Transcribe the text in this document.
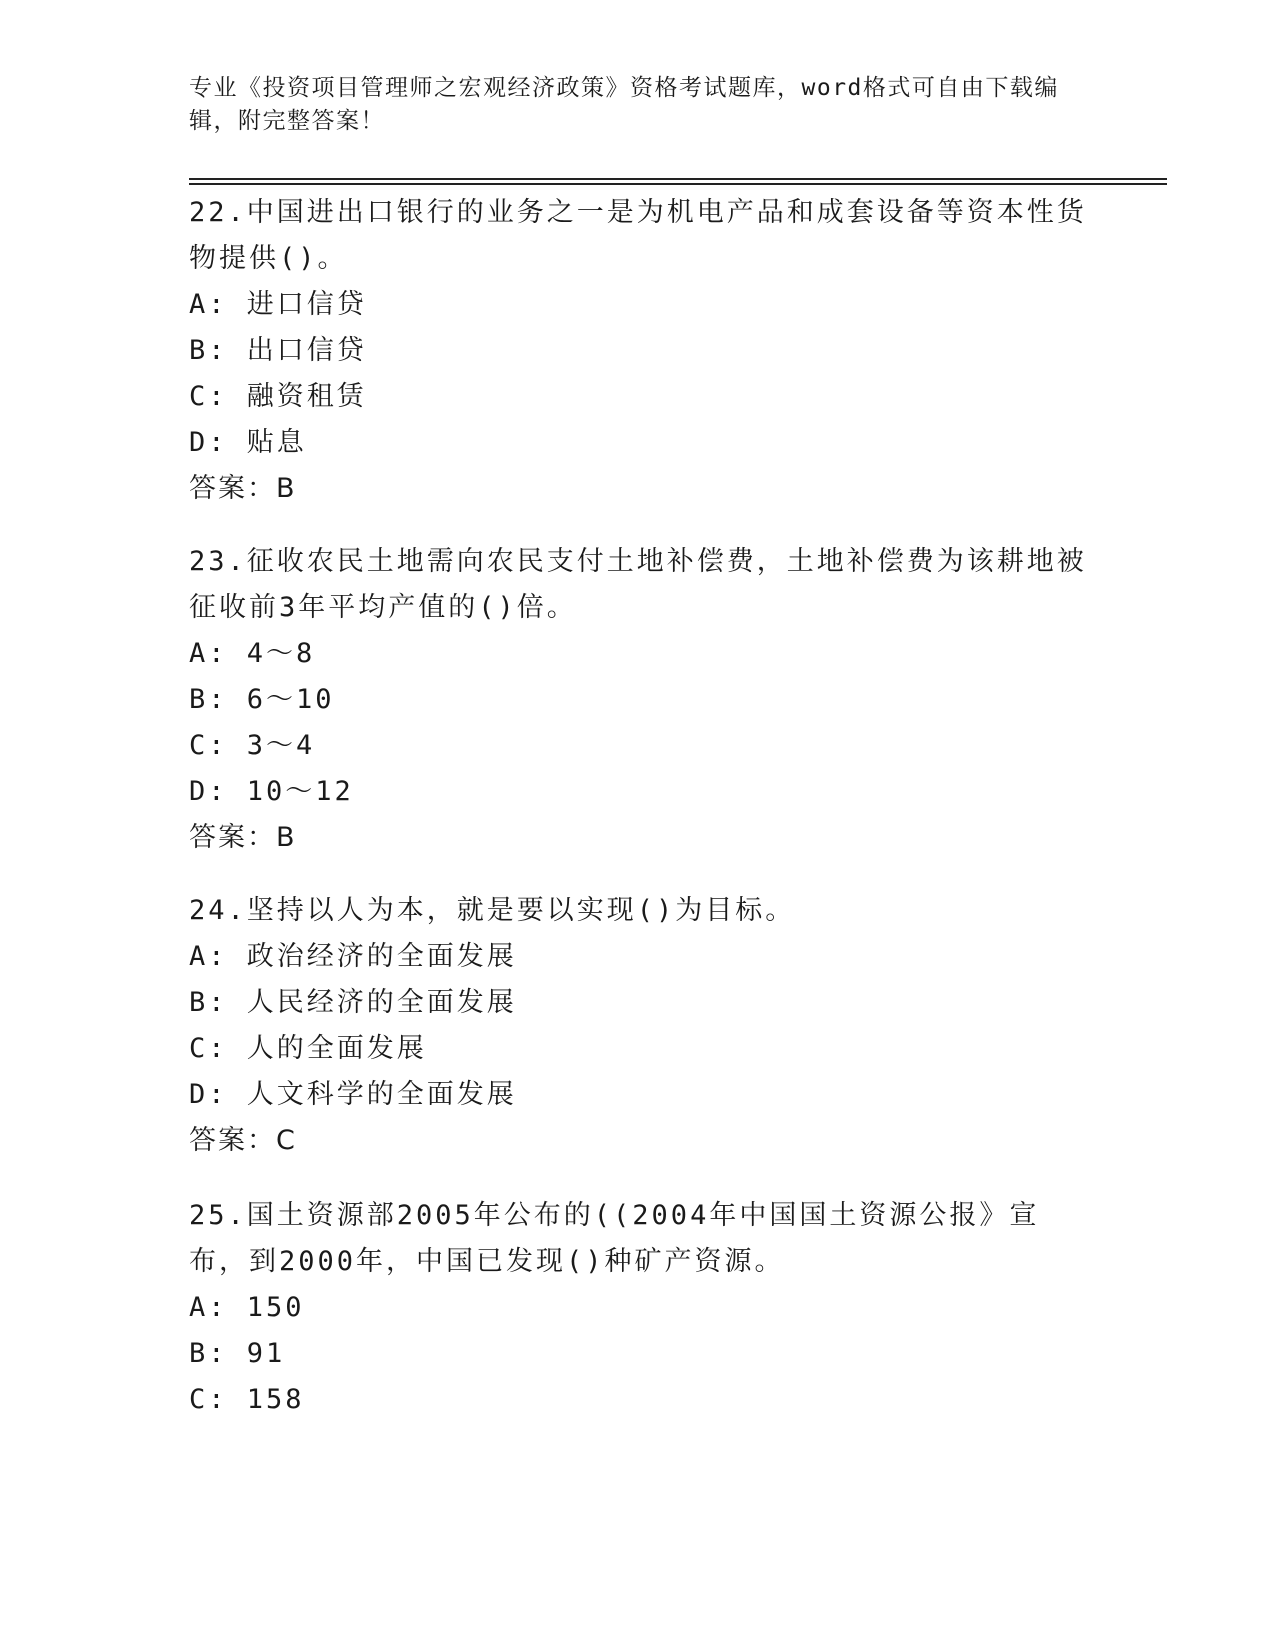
专业《投资项目管理师之宏观经济政策》资格考试题库，word格式可自由下载编辑，附完整答案！
22.中国进出口银行的业务之一是为机电产品和成套设备等资本性货物提供()。
A: 进口信贷
B: 出口信贷
C: 融资租赁
D: 贴息
答案：B
23.征收农民土地需向农民支付土地补偿费，土地补偿费为该耕地被征收前3年平均产值的()倍。
A: 4～8
B: 6～10
C: 3～4
D: 10～12
答案：B
24.坚持以人为本，就是要以实现()为目标。
A: 政治经济的全面发展
B: 人民经济的全面发展
C: 人的全面发展
D: 人文科学的全面发展
答案：C
25.国土资源部2005年公布的((2004年中国国土资源公报》宣布，到2000年，中国已发现()种矿产资源。
A: 150
B: 91
C: 158
